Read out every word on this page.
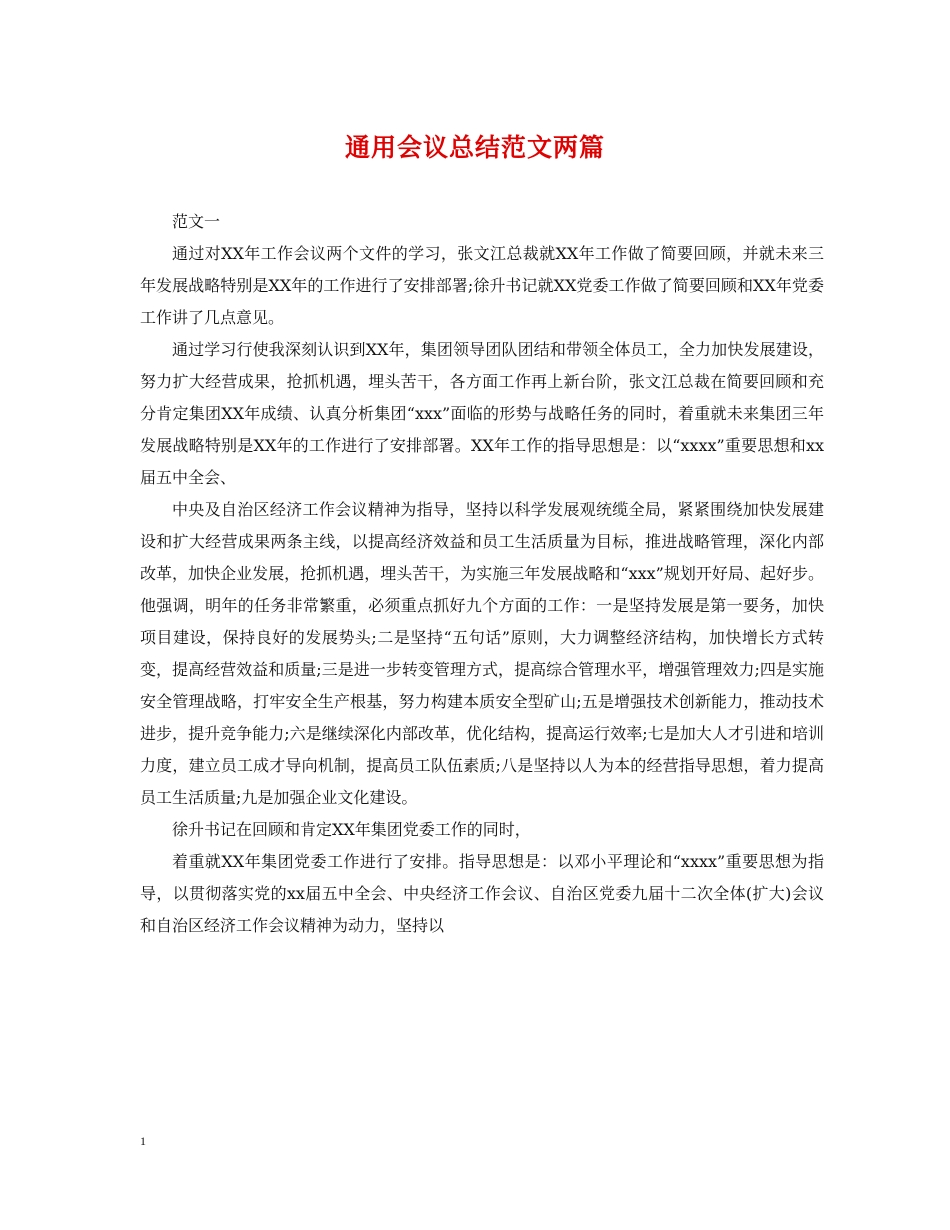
通用会议总结范文两篇

范文一

通过对XX年工作会议两个文件的学习，张文江总裁就XX年工作做了简要回顾，并就未来三年发展战略特别是XX年的工作进行了安排部署;徐升书记就XX党委工作做了简要回顾和XX年党委工作讲了几点意见。

通过学习行使我深刻认识到XX年，集团领导团队团结和带领全体员工，全力加快发展建设，努力扩大经营成果，抢抓机遇，埋头苦干，各方面工作再上新台阶，张文江总裁在简要回顾和充分肯定集团XX年成绩、认真分析集团“xxx”面临的形势与战略任务的同时，着重就未来集团三年发展战略特别是XX年的工作进行了安排部署。XX年工作的指导思想是：以“xxxx”重要思想和xx届五中全会、

中央及自治区经济工作会议精神为指导，坚持以科学发展观统缆全局，紧紧围绕加快发展建设和扩大经营成果两条主线，以提高经济效益和员工生活质量为目标，推进战略管理，深化内部改革，加快企业发展，抢抓机遇，埋头苦干，为实施三年发展战略和“xxx”规划开好局、起好步。他强调，明年的任务非常繁重，必须重点抓好九个方面的工作：一是坚持发展是第一要务，加快项目建设，保持良好的发展势头;二是坚持“五句话”原则，大力调整经济结构，加快增长方式转变，提高经营效益和质量;三是进一步转变管理方式，提高综合管理水平，增强管理效力;四是实施安全管理战略，打牢安全生产根基，努力构建本质安全型矿山;五是增强技术创新能力，推动技术进步，提升竞争能力;六是继续深化内部改革，优化结构，提高运行效率;七是加大人才引进和培训力度，建立员工成才导向机制，提高员工队伍素质;八是坚持以人为本的经营指导思想，着力提高员工生活质量;九是加强企业文化建设。

徐升书记在回顾和肯定XX年集团党委工作的同时，

着重就XX年集团党委工作进行了安排。指导思想是：以邓小平理论和“xxxx”重要思想为指导，以贯彻落实党的xx届五中全会、中央经济工作会议、自治区党委九届十二次全体(扩大)会议和自治区经济工作会议精神为动力，坚持以

1
